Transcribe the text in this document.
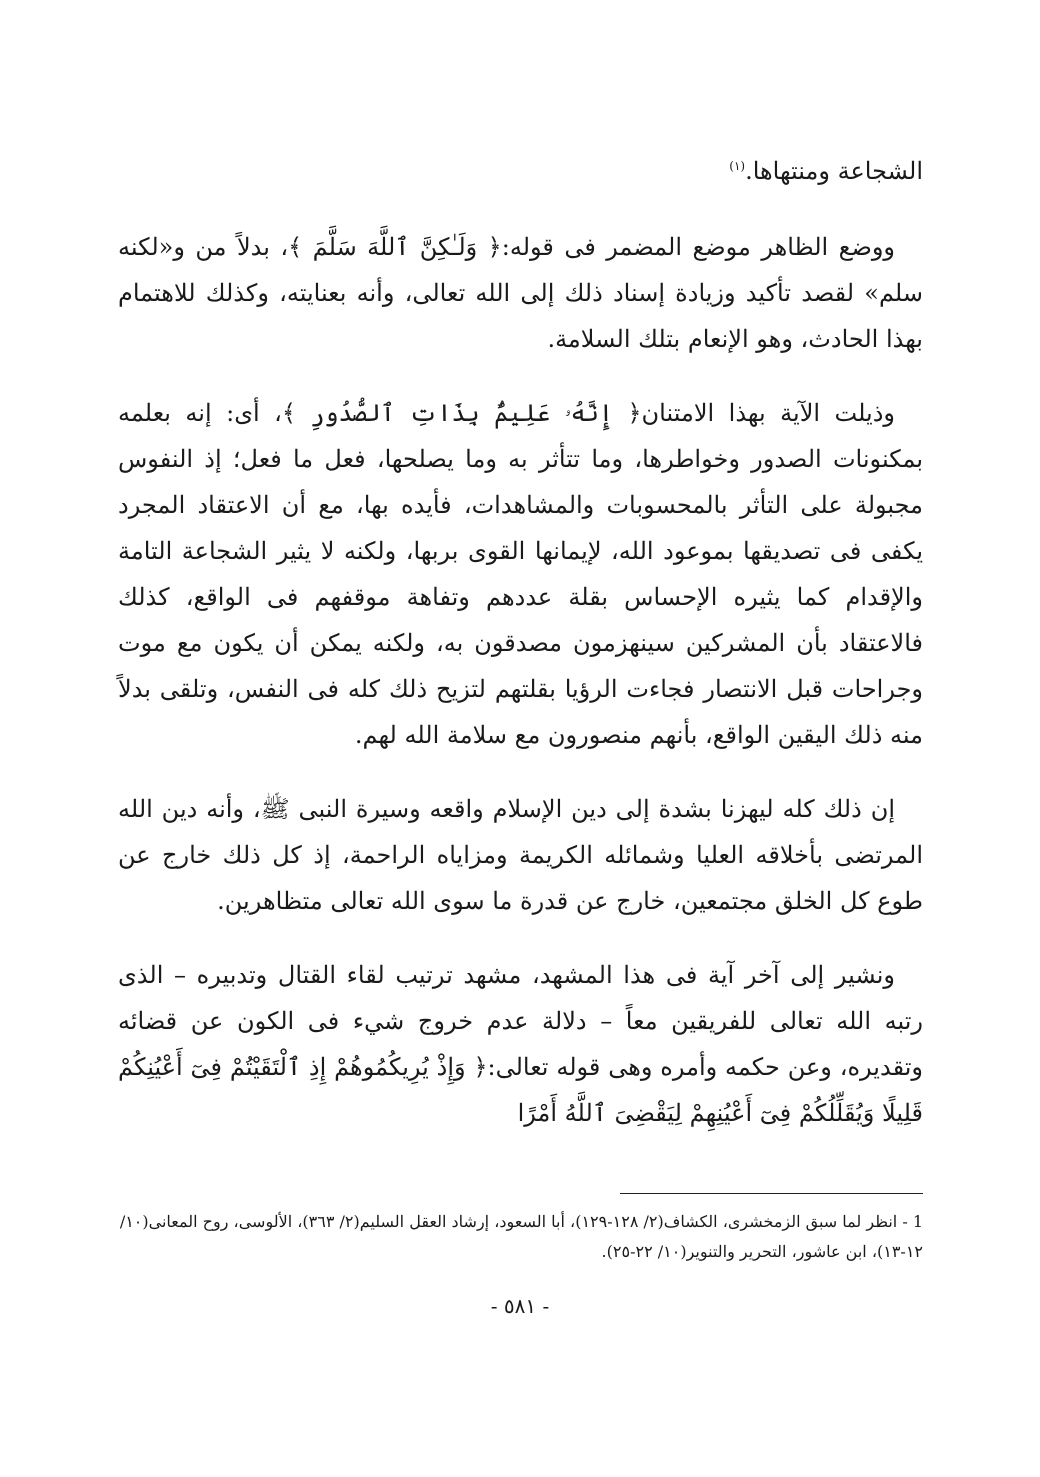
الشجاعة ومنتهاها.$^{(١)}$

ووضع الظاهر موضع المضمر فى قوله:﴿ وَلَـٰكِنَّ ٱللَّهَ سَلَّمَ ﴾، بدلاً من و«لكنه سلم» لقصد تأكيد وزيادة إسناد ذلك إلى الله تعالى، وأنه بعنايته، وكذلك للاهتمام بهذا الحادث، وهو الإنعام بتلك السلامة.

وذيلت الآية بهذا الامتنان﴿ إِنَّهُۥ عَلِيمٌۢ بِذَاتِ ٱلصُّدُورِ ﴾، أى: إنه بعلمه بمكنونات الصدور وخواطرها، وما تتأثر به وما يصلحها، فعل ما فعل؛ إذ النفوس مجبولة على التأثر بالمحسوبات والمشاهدات، فأيده بها، مع أن الاعتقاد المجرد يكفى فى تصديقها بموعود الله، لإيمانها القوى بربها، ولكنه لا يثير الشجاعة التامة والإقدام كما يثيره الإحساس بقلة عددهم وتفاهة موقفهم فى الواقع، كذلك فالاعتقاد بأن المشركين سينهزمون مصدقون به، ولكنه يمكن أن يكون مع موت وجراحات قبل الانتصار فجاءت الرؤيا بقلتهم لتزيح ذلك كله فى النفس، وتلقى بدلاً منه ذلك اليقين الواقع، بأنهم منصورون مع سلامة الله لهم.

إن ذلك كله ليهزنا بشدة إلى دين الإسلام واقعه وسيرة النبى ﷺ، وأنه دين الله المرتضى بأخلاقه العليا وشمائله الكريمة ومزاياه الراحمة، إذ كل ذلك خارج عن طوع كل الخلق مجتمعين، خارج عن قدرة ما سوى الله تعالى متظاهرين.

ونشير إلى آخر آية فى هذا المشهد، مشهد ترتيب لقاء القتال وتدبيره – الذى رتبه الله تعالى للفريقين معاً – دلالة عدم خروج شيء فى الكون عن قضائه وتقديره، وعن حكمه وأمره وهى قوله تعالى:﴿ وَإِذْ يُرِيكُمُوهُمْ إِذِ ٱلْتَقَيْتُمْ فِىٓ أَعْيُنِكُمْ قَلِيلًا وَيُقَلِّلُكُمْ فِىٓ أَعْيُنِهِمْ لِيَقْضِىَ ٱللَّهُ أَمْرًا

1 - انظر لما سبق الزمخشرى، الكشاف(٢/ ١٢٨-١٢٩)، أبا السعود، إرشاد العقل السليم(٢/ ٣٦٣)، الألوسى، روح المعانى(١٠/ ١٢-١٣)، ابن عاشور، التحرير والتنوير(١٠/ ٢٢-٢٥).
- ٥٨١ -
